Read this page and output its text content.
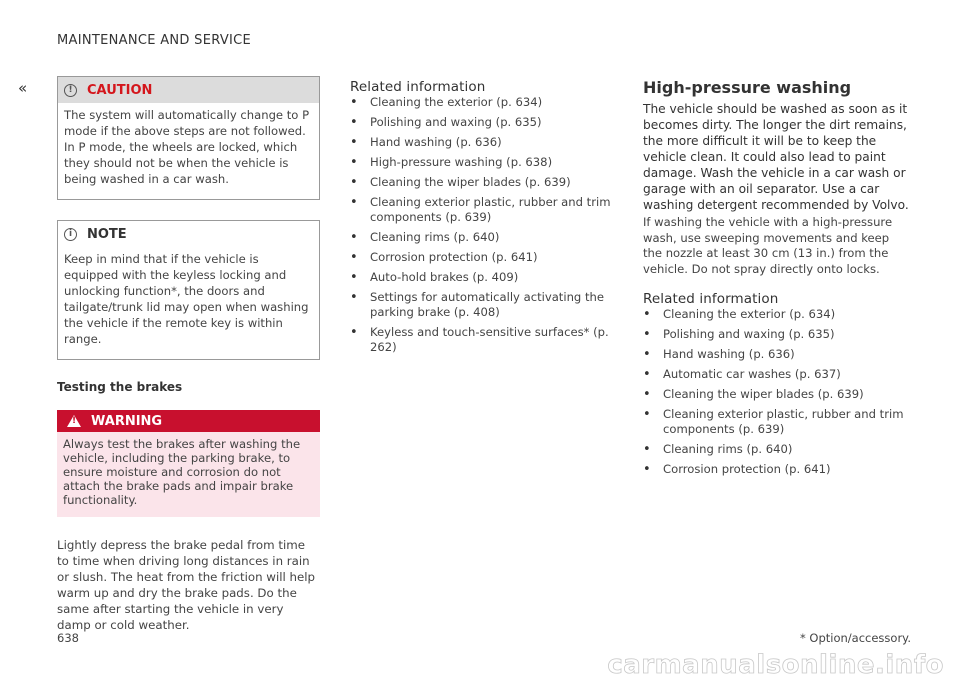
MAINTENANCE AND SERVICE
«	!	CAUTION
The system will automatically change to P mode if the above steps are not followed. In P mode, the wheels are locked, which they should not be when the vehicle is being washed in a car wash.
i	NOTE
Keep in mind that if the vehicle is equipped with the keyless locking and unlocking function*, the doors and tailgate/trunk lid may open when washing the vehicle if the remote key is within range.
Testing the brakes
!
WARNING
Always test the brakes after washing the vehicle, including the parking brake, to ensure moisture and corrosion do not attach the brake pads and impair brake functionality.
Lightly depress the brake pedal from time to time when driving long distances in rain or slush. The heat from the friction will help warm up and dry the brake pads. Do the same after starting the vehicle in very damp or cold weather.
Related information
• Cleaning the exterior (p. 634)
• Polishing and waxing (p. 635)
• Hand washing (p. 636)
• High-pressure washing (p. 638)
• Cleaning the wiper blades (p. 639)
• Cleaning exterior plastic, rubber and trim components (p. 639)
• Cleaning rims (p. 640)
• Corrosion protection (p. 641)
• Auto-hold brakes (p. 409)
• Settings for automatically activating the parking brake (p. 408)
• Keyless and touch-sensitive surfaces* (p. 262)
High-pressure washing
The vehicle should be washed as soon as it becomes dirty. The longer the dirt remains, the more difficult it will be to keep the vehicle clean. It could also lead to paint damage. Wash the vehicle in a car wash or garage with an oil separator. Use a car washing detergent recommended by Volvo.
If washing the vehicle with a high-pressure wash, use sweeping movements and keep the nozzle at least 30 cm (13 in.) from the vehicle. Do not spray directly onto locks.
Related information
• Cleaning the exterior (p. 634)
• Polishing and waxing (p. 635)
• Hand washing (p. 636)
• Automatic car washes (p. 637)
• Cleaning the wiper blades (p. 639)
• Cleaning exterior plastic, rubber and trim components (p. 639)
• Cleaning rims (p. 640)
• Corrosion protection (p. 641)
638	* Option/accessory.
carmanualsonline.info
